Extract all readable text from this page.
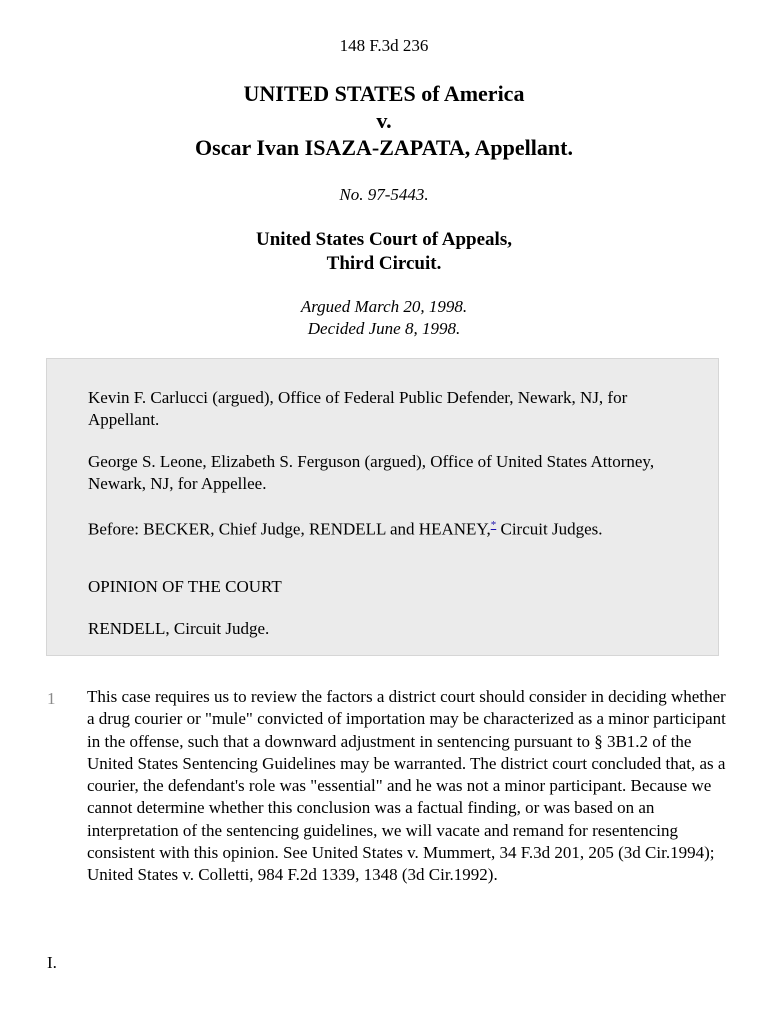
148 F.3d 236
UNITED STATES of America
v.
Oscar Ivan ISAZA-ZAPATA, Appellant.
No. 97-5443.
United States Court of Appeals,
Third Circuit.
Argued March 20, 1998.
Decided June 8, 1998.
Kevin F. Carlucci (argued), Office of Federal Public Defender, Newark, NJ, for Appellant.
George S. Leone, Elizabeth S. Ferguson (argued), Office of United States Attorney, Newark, NJ, for Appellee.
Before: BECKER, Chief Judge, RENDELL and HEANEY,* Circuit Judges.
OPINION OF THE COURT
RENDELL, Circuit Judge.
1 This case requires us to review the factors a district court should consider in deciding whether a drug courier or "mule" convicted of importation may be characterized as a minor participant in the offense, such that a downward adjustment in sentencing pursuant to § 3B1.2 of the United States Sentencing Guidelines may be warranted. The district court concluded that, as a courier, the defendant's role was "essential" and he was not a minor participant. Because we cannot determine whether this conclusion was a factual finding, or was based on an interpretation of the sentencing guidelines, we will vacate and remand for resentencing consistent with this opinion. See United States v. Mummert, 34 F.3d 201, 205 (3d Cir.1994); United States v. Colletti, 984 F.2d 1339, 1348 (3d Cir.1992).
I.
